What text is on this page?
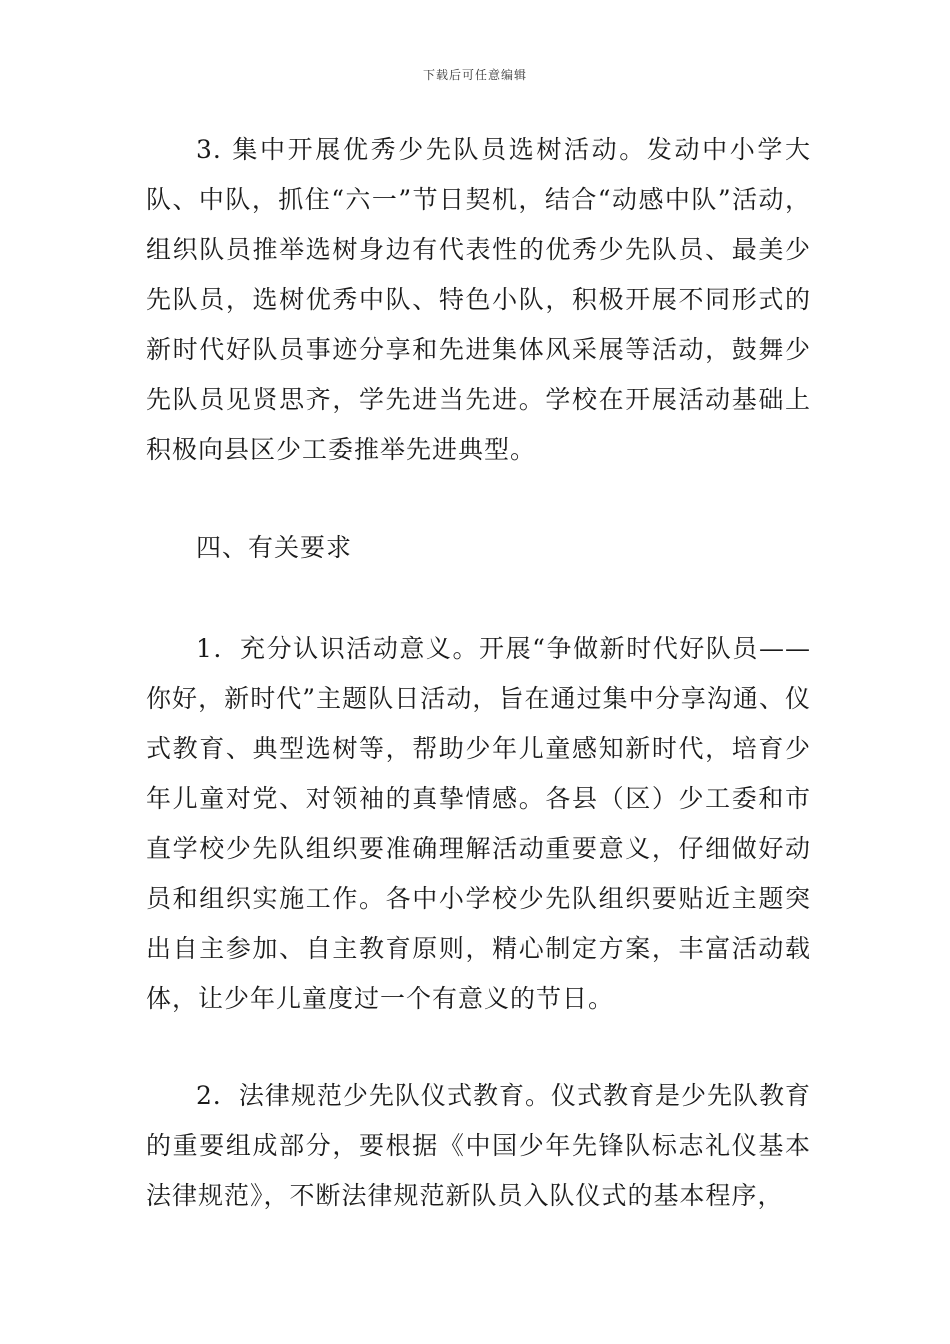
下载后可任意编辑

3. 集中开展优秀少先队员选树活动。发动中小学大队、中队，抓住“六一”节日契机，结合“动感中队”活动，组织队员推举选树身边有代表性的优秀少先队员、最美少先队员，选树优秀中队、特色小队，积极开展不同形式的新时代好队员事迹分享和先进集体风采展等活动，鼓舞少先队员见贤思齐，学先进当先进。学校在开展活动基础上积极向县区少工委推举先进典型。

四、有关要求

1．充分认识活动意义。开展“争做新时代好队员——你好，新时代”主题队日活动，旨在通过集中分享沟通、仪式教育、典型选树等，帮助少年儿童感知新时代，培育少年儿童对党、对领袖的真挚情感。各县（区）少工委和市直学校少先队组织要准确理解活动重要意义，仔细做好动员和组织实施工作。各中小学校少先队组织要贴近主题突出自主参加、自主教育原则，精心制定方案，丰富活动载体，让少年儿童度过一个有意义的节日。

2．法律规范少先队仪式教育。仪式教育是少先队教育的重要组成部分，要根据《中国少年先锋队标志礼仪基本法律规范》，不断法律规范新队员入队仪式的基本程序，
